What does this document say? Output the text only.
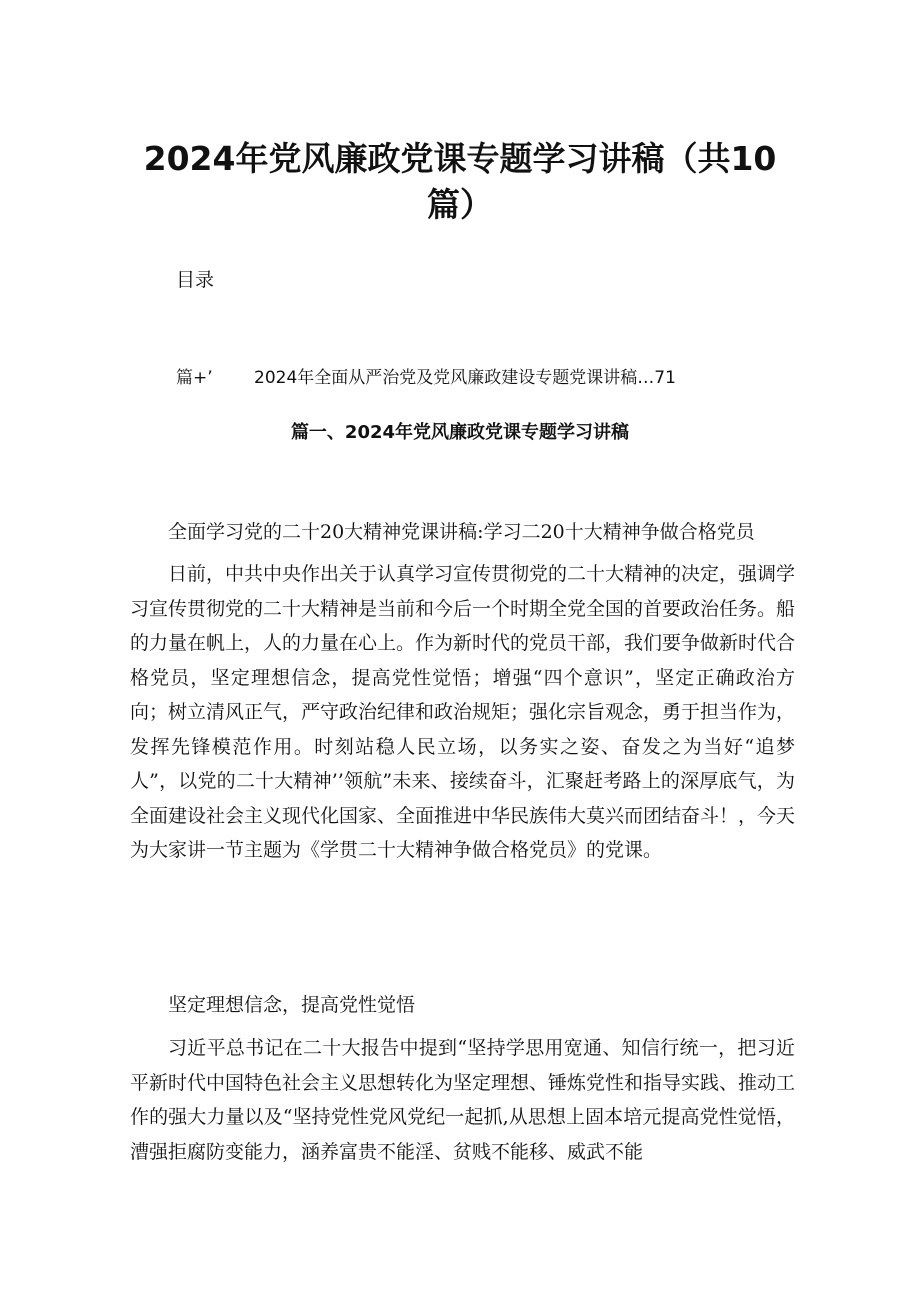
2024年党风廉政党课专题学习讲稿（共10
篇）
目录
篇+’ 2024年全面从严治党及党风廉政建设专题党课讲稿…71
篇一、2024年党风廉政党课专题学习讲稿

全面学习党的二十20大精神党课讲稿:学习二20十大精神争做合格党员

日前，中共中央作出关于认真学习宣传贯彻党的二十大精神的决定，强调学习宣传贯彻党的二十大精神是当前和今后一个时期全党全国的首要政治任务。船的力量在帆上，人的力量在心上。作为新时代的党员干部，我们要争做新时代合格党员，坚定理想信念，提高党性觉悟；增强“四个意识”，坚定正确政治方向；树立清风正气，严守政治纪律和政治规矩；强化宗旨观念，勇于担当作为，发挥先锋模范作用。时刻站稳人民立场，以务实之姿、奋发之为当好“追梦人”，以党的二十大精神’’领航”未来、接续奋斗，汇聚赶考路上的深厚底气，为全面建设社会主义现代化国家、全面推进中华民族伟大莫兴而团结奋斗！，今天为大家讲一节主题为《学贯二十大精神争做合格党员》的党课。

坚定理想信念，提高党性觉悟

习近平总书记在二十大报告中提到“坚持学思用宽通、知信行统一，把习近平新时代中国特色社会主义思想转化为坚定理想、锤炼党性和指导实践、推动工作的强大力量以及“坚持党性党风党纪一起抓,从思想上固本培元提高党性觉悟，漕强拒腐防变能力，涵养富贵不能淫、贫贱不能移、威武不能
